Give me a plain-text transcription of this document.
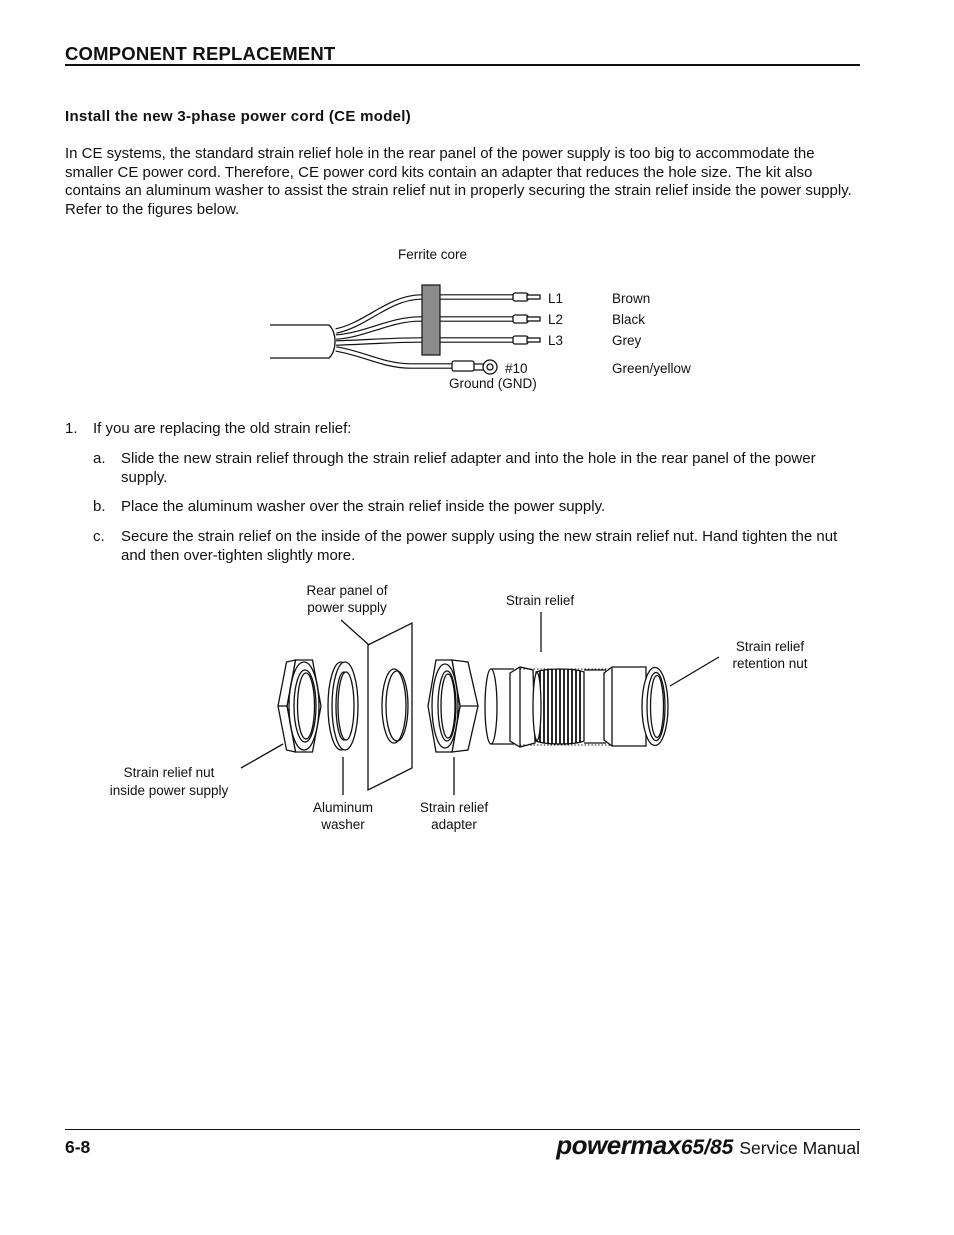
COMPONENT REPLACEMENT
Install the new 3-phase power cord (CE model)
In CE systems, the standard strain relief hole in the rear panel of the power supply is too big to accommodate the
smaller CE power cord. Therefore, CE power cord kits contain an adapter that reduces the hole size. The kit also
contains an aluminum washer to assist the strain relief nut in properly securing the strain relief inside the power supply.
Refer to the figures below.
Ferrite core
L1
L2
L3
#10
Ground (GND)
Brown
Black
Grey
Green/yellow
1. If you are replacing the old strain relief:
a. Slide the new strain relief through the strain relief adapter and into the hole in the rear panel of the power
supply.
b. Place the aluminum washer over the strain relief inside the power supply.
c. Secure the strain relief on the inside of the power supply using the new strain relief nut. Hand tighten the nut
and then over-tighten slightly more.
Rear panel of
power supply	Strain relief
Strain relief
retention nut
Strain relief nut
inside power supply
Aluminum
washer
Strain relief
adapter
6-8	powermax 65/85 Service Manual
